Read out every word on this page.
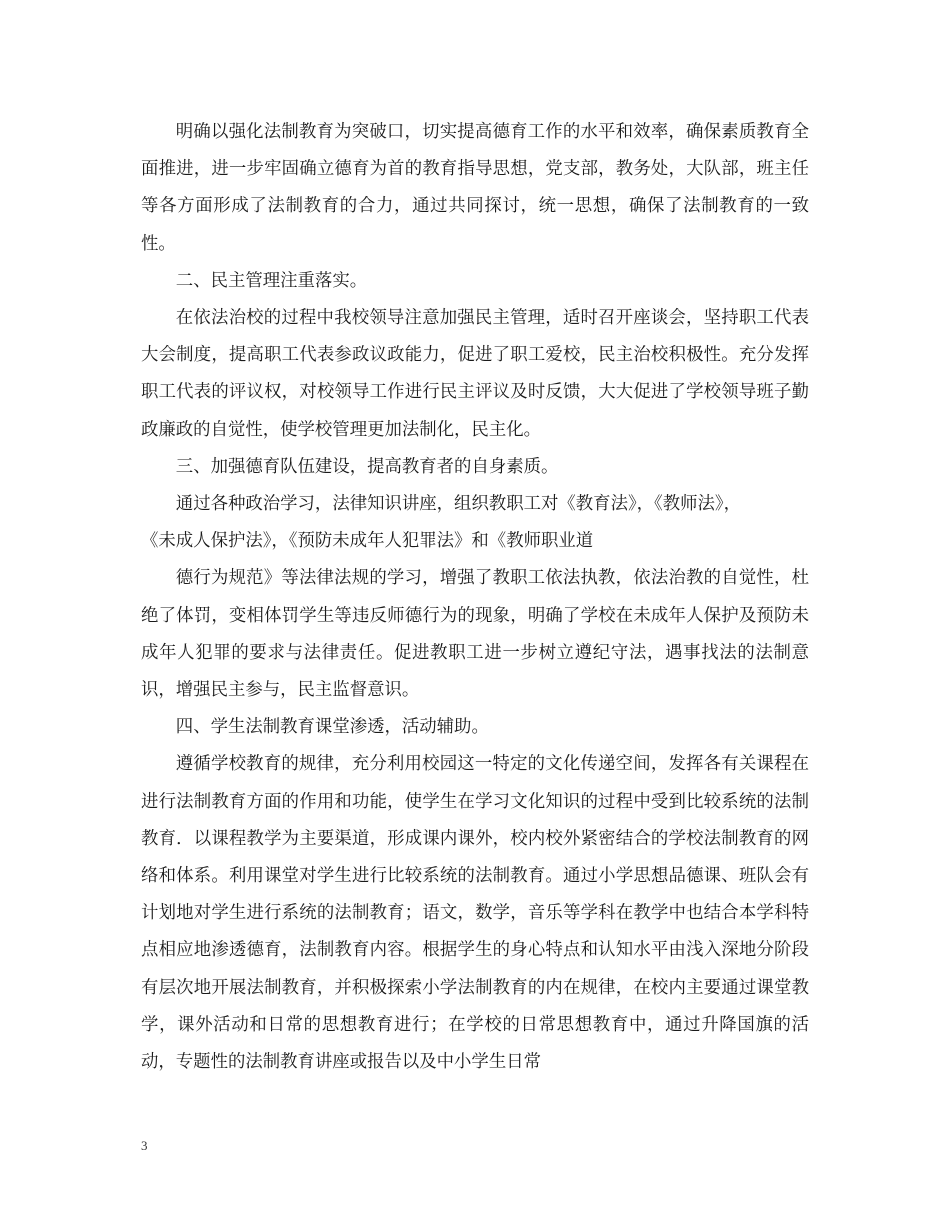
明确以强化法制教育为突破口，切实提高德育工作的水平和效率，确保素质教育全面推进，进一步牢固确立德育为首的教育指导思想，党支部，教务处，大队部，班主任等各方面形成了法制教育的合力，通过共同探讨，统一思想，确保了法制教育的一致性。

二、民主管理注重落实。

在依法治校的过程中我校领导注意加强民主管理，适时召开座谈会，坚持职工代表大会制度，提高职工代表参政议政能力，促进了职工爱校，民主治校积极性。充分发挥职工代表的评议权，对校领导工作进行民主评议及时反馈，大大促进了学校领导班子勤政廉政的自觉性，使学校管理更加法制化，民主化。

三、加强德育队伍建设，提高教育者的自身素质。

通过各种政治学习，法律知识讲座，组织教职工对《教育法》，《教师法》，

《未成人保护法》，《预防未成年人犯罪法》和《教师职业道

德行为规范》等法律法规的学习，增强了教职工依法执教，依法治教的自觉性，杜绝了体罚，变相体罚学生等违反师德行为的现象，明确了学校在未成年人保护及预防未成年人犯罪的要求与法律责任。促进教职工进一步树立遵纪守法，遇事找法的法制意识，增强民主参与，民主监督意识。

四、学生法制教育课堂渗透，活动辅助。

遵循学校教育的规律，充分利用校园这一特定的文化传递空间，发挥各有关课程在进行法制教育方面的作用和功能，使学生在学习文化知识的过程中受到比较系统的法制教育．以课程教学为主要渠道，形成课内课外，校内校外紧密结合的学校法制教育的网络和体系。利用课堂对学生进行比较系统的法制教育。通过小学思想品德课、班队会有计划地对学生进行系统的法制教育；语文，数学，音乐等学科在教学中也结合本学科特点相应地渗透德育，法制教育内容。根据学生的身心特点和认知水平由浅入深地分阶段有层次地开展法制教育，并积极探索小学法制教育的内在规律，在校内主要通过课堂教学，课外活动和日常的思想教育进行；在学校的日常思想教育中，通过升降国旗的活动，专题性的法制教育讲座或报告以及中小学生日常

3
